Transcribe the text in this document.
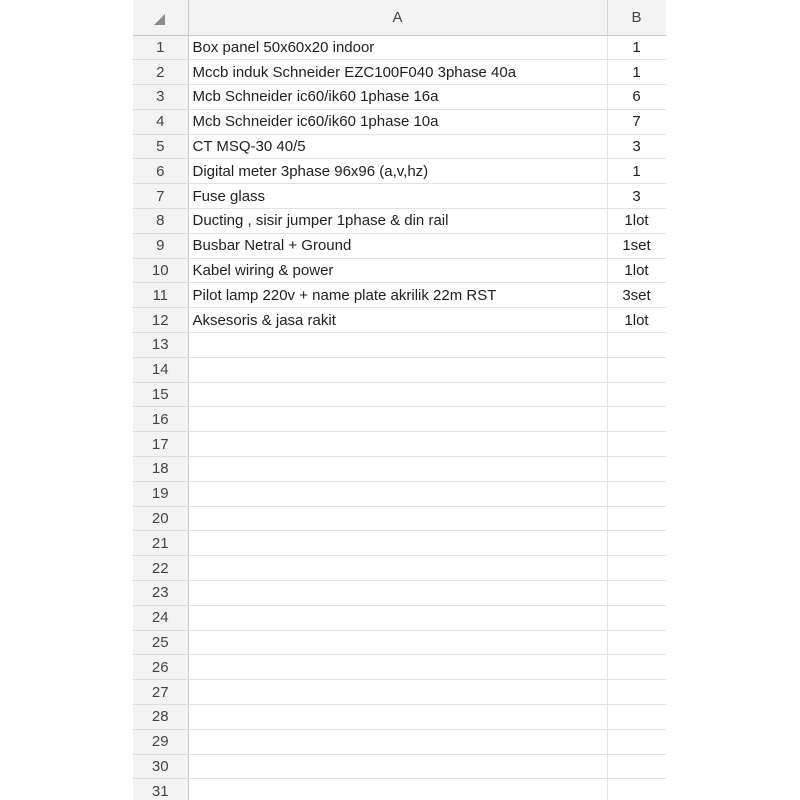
	A	B
1	Box panel 50x60x20 indoor	1
2	Mccb induk Schneider EZC100F040 3phase 40a	1
3	Mcb Schneider ic60/ik60 1phase 16a	6
4	Mcb Schneider ic60/ik60 1phase 10a	7
5	CT MSQ-30 40/5	3
6	Digital meter 3phase 96x96 (a,v,hz)	1
7	Fuse glass	3
8	Ducting , sisir jumper 1phase & din rail	1lot
9	Busbar Netral + Ground	1set
10	Kabel wiring & power	1lot
11	Pilot lamp 220v + name plate akrilik 22m RST	3set
12	Aksesoris & jasa rakit	1lot
13		
14		
15		
16		
17		
18		
19		
20		
21		
22		
23		
24		
25		
26		
27		
28		
29		
30		
31		
